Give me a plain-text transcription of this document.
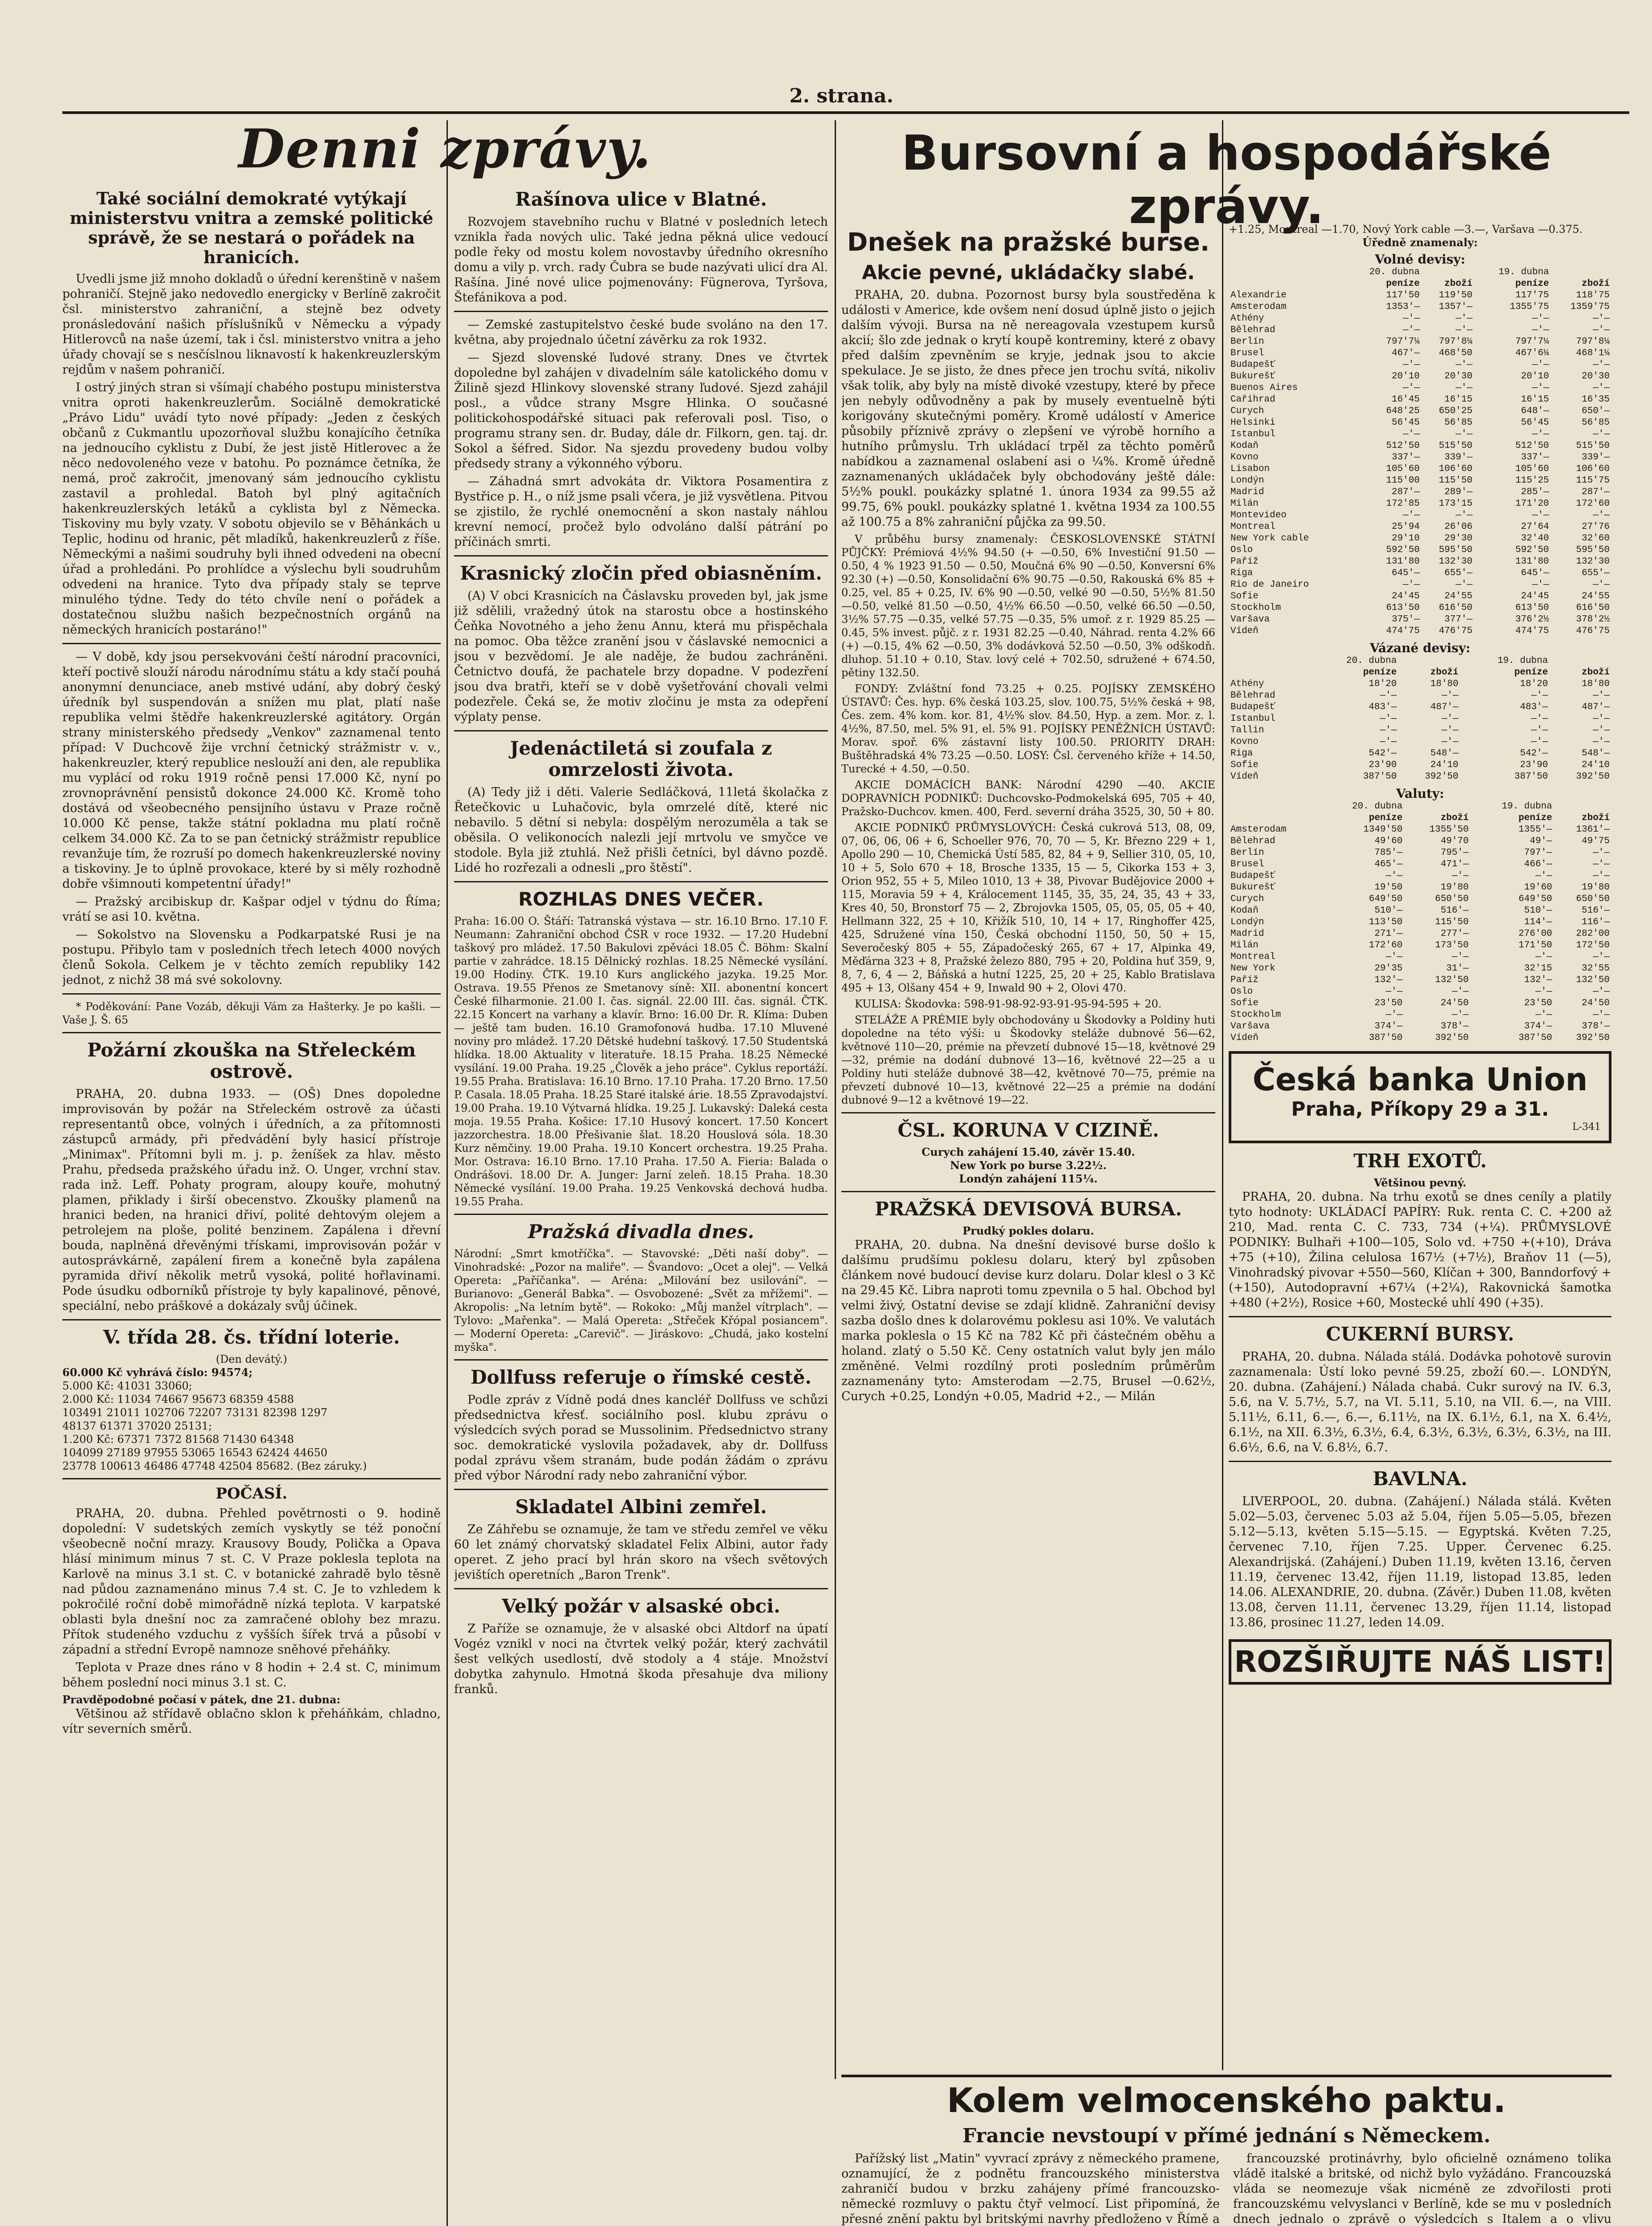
2. strana.
Denni zprávy.	Bursovní a hospodářské zprávy.
Také sociální demokraté vytýkají ministerstvu vnitra a zemské politické správě, že se nestará o pořádek na hranicích.

Uvedli jsme již mnoho dokladů o úřední kerenštině v našem pohraničí. Stejně jako nedovedlo energicky v Berlíně zakročit čsl. ministerstvo zahraniční, a stejně bez odvety pronásledování našich příslušníků v Německu a výpady Hitlerovců na naše území, tak i čsl. ministerstvo vnitra a jeho úřady chovají se s nesčíslnou liknavostí k hakenkreuzlerským rejdům v našem pohraničí.

I ostrý jiných stran si všímají chabého postupu ministerstva vnitra oproti hakenkreuzlerům. Sociálně demokratické „Právo Lidu" uvádí tyto nové případy: „Jeden z českých občanů z Cukmantlu upozorňoval službu konajícího četníka na jednoucího cyklistu z Dubí, že jest jistě Hitlerovec a že něco nedovoleného veze v batohu. Po poznámce četníka, že nemá, proč zakročit, jmenovaný sám jednoucího cyklistu zastavil a prohledal. Batoh byl plný agitačních hakenkreuzlerských letáků a cyklista byl z Německa. Tiskoviny mu byly vzaty. V sobotu objevilo se v Běhánkách u Teplic, hodinu od hranic, pět mladíků, hakenkreuzlerů z říše. Německými a našimi soudruhy byli ihned odvedeni na obecní úřad a prohledáni. Po prohlídce a výslechu byli soudruhům odvedeni na hranice. Tyto dva případy staly se teprve minulého týdne. Tedy do této chvíle není o pořádek a dostatečnou službu našich bezpečnostních orgánů na německých hranicích postaráno!"

— V době, kdy jsou persekvováni čeští národní pracovníci, kteří poctivě slouží národu národnímu státu a kdy stačí pouhá anonymní denunciace, aneb mstivé udání, aby dobrý český úředník byl suspendován a snížen mu plat, platí naše republika velmi štědře hakenkreuzlerské agitátory. Orgán strany ministerského předsedy „Venkov" zaznamenal tento případ: V Duchcově žije vrchní četnický strážmistr v. v., hakenkreuzler, který republice neslouží ani den, ale republika mu vyplácí od roku 1919 ročně pensi 17.000 Kč, nyní po zrovnoprávnění pensistů dokonce 24.000 Kč. Kromě toho dostává od všeobecného pensijního ústavu v Praze ročně 10.000 Kč pense, takže státní pokladna mu platí ročně celkem 34.000 Kč. Za to se pan četnický strážmistr republice revanžuje tím, že rozruší po domech hakenkreuzlerské noviny a tiskoviny. Je to úplně provokace, které by si měly rozhodně dobře všimnouti kompetentní úřady!"

— Pražský arcibiskup dr. Kašpar odjel v týdnu do Říma; vrátí se asi 10. května.

— Sokolstvo na Slovensku a Podkarpatské Rusi je na postupu. Přibylo tam v posledních třech letech 4000 nových členů Sokola. Celkem je v těchto zemích republiky 142 jednot, z nichž 38 má své sokolovny.

* Poděkování: Pane Vozáb, děkuji Vám za Hašterky. Je po kašli. — Vaše J. Š. 65

Požární zkouška na Střeleckém ostrově.

PRAHA, 20. dubna 1933. — (OŠ) Dnes dopoledne improvisován by požár na Střeleckém ostrově za účasti representantů obce, volných i úředních, a za přítomnosti zástupců armády, při předvádění byly hasicí přístroje „Minimax". Přítomni byli m. j. p. ženíšek za hlav. město Prahu, předseda pražského úřadu inž. O. Unger, vrchní stav. rada inž. Leff. Pohaty program, aloupy kouře, mohutný plamen, přiklady i širší obecenstvo. Zkoušky plamenů na hranici beden, na hranici dřiví, polité dehtovým olejem a petrolejem na ploše, polité benzinem. Zapálena i dřevní bouda, naplněná dřevěnými třískami, improvisován požár v autosprávkárně, zapálení firem a konečně byla zapálena pyramida dřiví několik metrů vysoká, polité hořlavinami. Pode úsudku odborníků přístroje ty byly kapalinové, pěnové, speciální, nebo práškové a dokázaly svůj účinek.

V. třída 28. čs. třídní loterie.
(Den devátý.)
60.000 Kč vyhrává číslo: 94574;
5.000 Kč: 41031 33060;
2.000 Kč: 11034 74667 95673 68359 4588
103491 21011 102706 72207 73131 82398 1297
48137 61371 37020 25131;
1.200 Kč: 67371 7372 81568 71430 64348
104099 27189 97955 53065 16543 62424 44650
23778 100613 46486 47748 42504 85682. (Bez záruky.)
POČASÍ.

PRAHA, 20. dubna. Přehled povětrnosti o 9. hodině dopolední: V sudetských zemích vyskytly se též ponoční všeobecně noční mrazy. Krausovy Boudy, Polička a Opava hlásí minimum minus 7 st. C. V Praze poklesla teplota na Karlově na minus 3.1 st. C. v botanické zahradě bylo těsně nad půdou zaznamenáno minus 7.4 st. C. Je to vzhledem k pokročilé roční době mimořádně nízká teplota. V karpatské oblasti byla dnešní noc za zamračené oblohy bez mrazu. Přítok studeného vzduchu z vyšších šířek trvá a působí v západní a střední Evropě namnoze sněhové přeháňky.

Teplota v Praze dnes ráno v 8 hodin + 2.4 st. C, minimum během poslední noci minus 3.1 st. C.

Pravděpodobné počasí v pátek, dne 21. dubna:

Většinou až střídavě oblačno sklon k přeháňkám, chladno, vítr severních směrů.

Rašínova ulice v Blatné.

Rozvojem stavebního ruchu v Blatné v posledních letech vznikla řada nových ulic. Také jedna pěkná ulice vedoucí podle řeky od mostu kolem novostavby úředního okresního domu a vily p. vrch. rady Čubra se bude nazývati ulicí drа Al. Rašína. Jiné nové ulice pojmenovány: Fügnerova, Tyršova, Štefánikova a pod.

— Zemské zastupitelstvo české bude svoláno na den 17. května, aby projednalo účetní závěrku za rok 1932.

— Sjezd slovenské ľudové strany. Dnes ve čtvrtek dopoledne byl zahájen v divadelním sále katolického domu v Žilině sjezd Hlinkovy slovenské strany ľudové. Sjezd zahájil posl., a vůdce strany Msgre Hlinka. O současné politickohospodářské situaci pak referovali posl. Tiso, o programu strany sen. dr. Buday, dále dr. Filkorn, gen. taj. dr. Sokol a šéfred. Sidor. Na sjezdu provedeny budou volby předsedy strany a výkonného výboru.

— Záhadná smrt advokáta dr. Viktora Posamentira z Bystřice p. H., o níž jsme psali včera, je již vysvětlena. Pitvou se zjistilo, že rychlé onemocnění a skon nastaly náhlou krevní nemocí, pročež bylo odvoláno další pátrání po příčinách smrti.

Krasnický zločin před obiasněním.

(A) V obci Krasnicích na Čáslavsku proveden byl, jak jsme již sdělili, vražedný útok na starostu obce a hostinského Čeňka Novotného a jeho ženu Annu, která mu přispěchala na pomoc. Oba těžce zranění jsou v čáslavské nemocnici a jsou v bezvědomí. Je ale naděje, že budou zachráněni. Četnictvo doufá, že pachatele brzy dopadne. V podezření jsou dva bratři, kteří se v době vyšetřování chovali velmi podezřele. Čeká se, že motiv zločinu je msta za odepření výplaty pense.

Jedenáctiletá si zoufala z omrzelosti života.

(A) Tedy již i děti. Valerie Sedláčková, 11letá školačka z Řetečkovic u Luhačovic, byla omrzelé dítě, které nic nebavilo. 5 dětní si nebyla: dospělým nerozuměla a tak se oběsila. O velikonocích nalezli její mrtvolu ve smyčce ve stodole. Byla již ztuhlá. Než přišli četníci, byl dávno pozdě. Lidé ho rozřezali a odnesli „pro štěstí".

ROZHLAS DNES VEČER.

Praha: 16.00 O. Štáří: Tatranská výstava — str. 16.10 Brno. 17.10 F. Neumann: Zahraniční obchod ČSR v roce 1932. — 17.20 Hudební taškový pro mládež. 17.50 Bakulovi zpěváci 18.05 Č. Böhm: Skalní partie v zahrádce. 18.15 Dělnický rozhlas. 18.25 Německé vysílání. 19.00 Hodiny. ČTK. 19.10 Kurs anglického jazyka. 19.25 Mor. Ostrava. 19.55 Přenos ze Smetanovy síně: XII. abonentní koncert České filharmonie. 21.00 I. čas. signál. 22.00 III. čas. signál. ČTK. 22.15 Koncert na varhany a klavír. Brno: 16.00 Dr. R. Klíma: Duben — ještě tam buden. 16.10 Gramofonová hudba. 17.10 Mluvené noviny pro mládež. 17.20 Dětské hudební taškový. 17.50 Studentská hlídka. 18.00 Aktuality v literatuře. 18.15 Praha. 18.25 Německé vysílání. 19.00 Praha. 19.25 „Člověk a jeho práce". Cyklus reportáží. 19.55 Praha. Bratislava: 16.10 Brno. 17.10 Praha. 17.20 Brno. 17.50 P. Casala. 18.05 Praha. 18.25 Staré italské árie. 18.55 Zpravodajství. 19.00 Praha. 19.10 Výtvarná hlídka. 19.25 J. Lukavský: Daleká cesta moja. 19.55 Praha. Košice: 17.10 Husový koncert. 17.50 Koncert jazzorchestra. 18.00 Přešivanie šlat. 18.20 Houslová sóla. 18.30 Kurz němčiny. 19.00 Praha. 19.10 Koncert orchestra. 19.25 Praha. Mor. Ostrava: 16.10 Brno. 17.10 Praha. 17.50 A. Fieria: Balada o Ondrášovi. 18.00 Dr. A. Junger: Jarní zeleň. 18.15 Praha. 18.30 Německé vysílání. 19.00 Praha. 19.25 Venkovská dechová hudba. 19.55 Praha.

Pražská divadla dnes.

Národní: „Smrt kmotříčka". — Stavovské: „Děti naší doby". — Vinohradské: „Pozor na maliře". — Švandovo: „Ocet a olej". — Velká Opereta: „Paříčanka". — Aréna: „Milování bez usilování". — Burianovo: „Generál Babka". — Osvobozené: „Svět za mřížemi". — Akropolis: „Na letním bytě". — Rokoko: „Můj manžel vítrplach". — Tylovo: „Mařenka". — Malá Opereta: „Střeček Křópal posiancem". — Moderní Opereta: „Carevič". — Jiráskovo: „Chudá, jako kostelní myška".

Dollfuss referuje o římské cestě.

Podle zpráv z Vídně podá dnes kancléř Dollfuss ve schůzi předsednictva křesť. sociálního posl. klubu zprávu o výsledcích svých porad se Mussolinim. Předsednictvo strany soc. demokratické vyslovila požadavek, aby dr. Dollfuss podal zprávu všem stranám, bude podán žádám o zprávu před výbor Národní rady nebo zahraniční výbor.

Skladatel Albini zemřel.

Ze Záhřebu se oznamuje, že tam ve středu zemřel ve věku 60 let známý chorvatský skladatel Felix Albini, autor řady operet. Z jeho prací byl hrán skoro na všech světových jevištích operetních „Baron Trenk".

Velký požár v alsaské obci.

Z Paříže se oznamuje, že v alsaské obci Altdorf na úpatí Vogéz vznikl v noci na čtvrtek velký požár, který zachvátil šest velkých usedlostí, dvě stodoly a 4 stáje. Množství dobytka zahynulo. Hmotná škoda přesahuje dva miliony franků.

Dnešek na pražské burse.
Akcie pevné, ukládačky slabé.

PRAHA, 20. dubna. Pozornost bursy byla soustředěna k události v Americe, kde ovšem není dosud úplně jisto o jejich dalším vývoji. Bursa na ně nereagovala vzestupem kursů akcií; šlo zde jednak o krytí koupě kontreminy, které z obavy před dalším zpevněním se kryje, jednak jsou to akcie spekulace. Je se jisto, že dnes přece jen trochu svítá, nikoliv však tolik, aby byly na místě divoké vzestupy, které by přece jen nebyly odůvodněny a pak by musely eventuelně býti korigovány skutečnými poměry. Kromě událostí v Americe působily příznivě zprávy o zlepšení ve výrobě horního a hutního průmyslu. Trh ukládací trpěl za těchto poměrů nabídkou a zaznamenal oslabení asi o ¼%. Kromě úředně zaznamenaných ukládaček byly obchodovány ještě dále: 5½% poukl. poukázky splatné 1. února 1934 za 99.55 až 99.75, 6% poukl. poukázky splatné 1. května 1934 za 100.55 až 100.75 a 8% zahraniční půjčka za 99.50.

V průběhu bursy znamenaly: ČESKOSLOVENSKÉ STÁTNÍ PŮJČKY: Prémiová 4½% 94.50 (+ —0.50, 6% Investiční 91.50 —0.50, 4 % 1923 91.50 — 0.50, Moučná 6% 90 —0.50, Konversní 6% 92.30 (+) —0.50, Konsolidační 6% 90.75 —0.50, Rakouská 6% 85 + 0.25, vel. 85 + 0.25, IV. 6% 90 —0.50, velké 90 —0.50, 5½% 81.50 —0.50, velké 81.50 —0.50, 4½% 66.50 —0.50, velké 66.50 —0.50, 3½% 57.75 —0.35, velké 57.75 —0.35, 5% umoř. z r. 1929 85.25 —0.45, 5% invest. půjč. z r. 1931 82.25 —0.40, Náhrad. renta 4.2% 66 (+) —0.15, 4% 62 —0.50, 3% dodávková 52.50 —0.50, 3% odškodň. dluhop. 51.10 + 0.10, Stav. lový celé + 702.50, sdružené + 674.50, pětiny 132.50.

FONDY: Zvláštní fond 73.25 + 0.25. POJÍSKY ZEMSKÉHO ÚSTAVŮ: Čes. hyp. 6% česká 103.25, slov. 100.75, 5½% česká + 98, Čes. zem. 4% kom. kor. 81, 4½% slov. 84.50, Hyp. a zem. Mor. z. l. 4½%, 87.50, mel. 5% 91, el. 5% 91. POJÍSKY PENĚŽNÍCH ÚSTAVŮ: Morav. spoř. 6% zástavní listy 100.50. PRIORITY DRAH: Buštěhradská 4% 73.25 —0.50. LOSY: Čsl. červeného kříže + 14.50, Turecké + 4.50, —0.50.

AKCIE DOMÁCÍCH BANK: Národní 4290 —40. AKCIE DOPRAVNÍCH PODNIKŮ: Duchcovsko-Podmokelská 695, 705 + 40, Pražsko-Duchcov. kmen. 400, Ferd. severní dráha 3525, 30, 50 + 80.

AKCIE PODNIKŮ PRŮMYSLOVÝCH: Česká cukrová 513, 08, 09, 07, 06, 06, 06 + 6, Schoeller 976, 70, 70 — 5, Kr. Březno 229 + 1, Apollo 290 — 10, Chemická Ústí 585, 82, 84 + 9, Sellier 310, 05, 10, 10 + 5, Solo 670 + 18, Brosche 1335, 15 — 5, Cikorka 153 + 3, Orion 952, 55 + 5, Mileo 1010, 13 + 38, Pivovar Budějovice 2000 + 115, Moravia 59 + 4, Králocement 1145, 35, 35, 24, 35, 43 + 33, Kres 40, 50, Bronstorf 75 — 2, Zbrojovka 1505, 05, 05, 05, 05 + 40, Hellmann 322, 25 + 10, Křižík 510, 10, 14 + 17, Ringhoffer 425, 425, Sdružené vína 150, Česká obchodní 1150, 50, 50 + 15, Severočeský 805 + 55, Západočeský 265, 67 + 17, Alpinka 49, Měďárna 323 + 8, Pražské železo 880, 795 + 20, Poldina huť 359, 9, 8, 7, 6, 4 — 2, Báňská a hutní 1225, 25, 20 + 25, Kablo Bratislava 495 + 13, Olšany 454 + 9, Inwald 90 + 2, Olovi 470.

KULISA: Škodovka: 598-91-98-92-93-91-95-94-595 + 20.

STELÁŽE A PRÉMIE byly obchodovány u Škodovky a Poldiny huti dopoledne na této výši: u Škodovky steláže dubnové 56—62, květnové 110—20, prémie na převzetí dubnové 15—18, květnové 29—32, prémie na dodání dubnové 13—16, květnové 22—25 a u Poldiny huti steláže dubnové 38—42, květnové 70—75, prémie na převzetí dubnové 10—13, květnové 22—25 a prémie na dodání dubnové 9—12 a květnové 19—22.

ČSL. KORUNA V CIZINĚ.
Curych zahájení 15.40, závěr 15.40.
New York po burse 3.22½.
Londýn zahájení 115¼.
PRAŽSKÁ DEVISOVÁ BURSA.
Prudký pokles dolaru.

PRAHA, 20. dubna. Na dnešní devisové burse došlo k dalšímu prudšímu poklesu dolaru, který byl způsoben článkem nové budoucí devise kurz dolaru. Dolar klesl o 3 Kč na 29.45 Kč. Libra naproti tomu zpevnila o 5 hal. Obchod byl velmi živý, Ostatní devise se zdají klidně. Zahraniční devisy sazba došlo dnes k dolarovému poklesu asi 10%. Ve valutách marka poklesla o 15 Kč na 782 Kč při částečném oběhu a holand. zlatý o 5.50 Kč. Ceny ostatních valut byly jen málo změněné. Velmi rozdílný proti posledním průměrům zaznamenány tyto: Amsterodam —2.75, Brusel —0.62½, Curych +0.25, Londýn +0.05, Madrid +2., — Milán

+1.25, Montreal —1.70, Nový York cable —3.—, Varšava —0.375.
Úředně znamenaly:
Volné devisy:
	20. dubna		19. dubna	
	peníze	zboží	peníze	zboží
Alexandrie	117'50	119'50	117'75	118'75
Amsterodam	1353'—	1357'—	1355'75	1359'75
Athény	—'—	—'—	—'—	—'—
Bělehrad	—'—	—'—	—'—	—'—
Berlín	797'7¼	797'8¼	797'7¼	797'8¼
Brusel	467'—	468'50	467'6¼	468'1¼
Budapešť	—'—	—'—	—'—	—'—
Bukurešť	20'10	20'30	20'10	20'30
Buenos Aires	—'—	—'—	—'—	—'—
Cařihrad	16'45	16'15	16'15	16'35
Curych	648'25	650'25	648'—	650'—
Helsinki	56'45	56'85	56'45	56'85
Istanbul	—'—	—'—	—'—	—'—
Kodaň	512'50	515'50	512'50	515'50
Kovno	337'—	339'—	337'—	339'—
Lisabon	105'60	106'60	105'60	106'60
Londýn	115'00	115'50	115'25	115'75
Madrid	287'—	289'—	285'—	287'—
Milán	172'85	173'15	171'20	172'60
Montevideo	—'—	—'—	—'—	—'—
Montreal	25'94	26'06	27'64	27'76
New York cable	29'10	29'30	32'40	32'60
Oslo	592'50	595'50	592'50	595'50
Paříž	131'80	132'30	131'80	132'30
Riga	645'—	655'—	645'—	655'—
Rio de Janeiro	—'—	—'—	—'—	—'—
Sofie	24'45	24'55	24'45	24'55
Stockholm	613'50	616'50	613'50	616'50
Varšava	375'—	377'—	376'2½	378'2½
Vídeň	474'75	476'75	474'75	476'75
Vázané devisy:
	20. dubna		19. dubna	
	peníze	zboží	peníze	zboží
Athény	18'20	18'80	18'20	18'80
Bělehrad	—'—	—'—	—'—	—'—
Budapešť	483'—	487'—	483'—	487'—
Istanbul	—'—	—'—	—'—	—'—
Tallin	—'—	—'—	—'—	—'—
Kovno	—'—	—'—	—'—	—'—
Riga	542'—	548'—	542'—	548'—
Sofie	23'90	24'10	23'90	24'10
Vídeň	387'50	392'50	387'50	392'50
Valuty:
	20. dubna		19. dubna	
	peníze	zboží	peníze	zboží
Amsterodam	1349'50	1355'50	1355'—	1361'—
Bělehrad	49'60	49'70	49'—	49'75
Berlín	785'—	795'—	797'—	—'—
Brusel	465'—	471'—	466'—	—'—
Budapešť	—'—	—'—	—'—	—'—
Bukurešť	19'50	19'80	19'60	19'80
Curych	649'50	650'50	649'50	650'50
Kodaň	510'—	516'—	510'—	516'—
Londýn	113'50	115'50	114'—	116'—
Madrid	271'—	277'—	276'00	282'00
Milán	172'60	173'50	171'50	172'50
Montreal	—'—	—'—	—'—	—'—
New York	29'35	31'—	32'15	32'55
Paříž	132'—	132'50	132'—	132'50
Oslo	—'—	—'—	—'—	—'—
Sofie	23'50	24'50	23'50	24'50
Stockholm	—'—	—'—	—'—	—'—
Varšava	374'—	378'—	374'—	378'—
Vídeň	387'50	392'50	387'50	392'50
Česká banka Union
Praha, Příkopy 29 a 31.
L-341
TRH EXOTŮ.
Většinou pevný.

PRAHA, 20. dubna. Na trhu exotů se dnes ceníly a platily tyto hodnoty: UKLÁDACÍ PAPÍRY: Ruk. renta C. C. +200 až 210, Mad. renta C. C. 733, 734 (+¼). PRŮMYSLOVÉ PODNIKY: Bulhaři +100—105, Solo vd. +750 +(+10), Dráva +75 (+10), Žilina celulosa 167½ (+7½), Braňov 11 (—5), Vinohradský pivovar +550—560, Klíčan + 300, Banndorfový + (+150), Autodopravní +67¼ (+2¼), Rakovnická šamotka +480 (+2½), Rosice +60, Mostecké uhlí 490 (+35).

CUKERNÍ BURSY.

PRAHA, 20. dubna. Nálada stálá. Dodávka pohotově surovin zaznamenala: Ústí loko pevné 59.25, zboží 60.—. LONDÝN, 20. dubna. (Zahájení.) Nálada chabá. Cukr surový na IV. 6.3, 5.6, na V. 5.7½, 5.7, na VI. 5.11, 5.10, na VII. 6.—, na VIII. 5.11½, 6.11, 6.—, 6.—, 6.11½, na IX. 6.1½, 6.1, na X. 6.4½, 6.1½, na XII. 6.3½, 6.3½, 6.4, 6.3½, 6.3½, 6.3½, 6.3½, na III. 6.6½, 6.6, na V. 6.8½, 6.7.

BAVLNA.

LIVERPOOL, 20. dubna. (Zahájení.) Nálada stálá. Květen 5.02—5.03, červenec 5.03 až 5.04, říjen 5.05—5.05, březen 5.12—5.13, květen 5.15—5.15. — Egyptská. Květen 7.25, červenec 7.10, říjen 7.25. Upper. Červenec 6.25. Alexandrijská. (Zahájení.) Duben 11.19, květen 13.16, červen 11.19, červenec 13.42, říjen 11.19, listopad 13.85, leden 14.06. ALEXANDRIE, 20. dubna. (Závěr.) Duben 11.08, květen 13.08, červen 11.11, červenec 13.29, říjen 11.14, listopad 13.86, prosinec 11.27, leden 14.09.

ROZŠIŘUJTE NÁŠ LIST!
Kolem velmocenského paktu.
Francie nevstoupí v přímé jednání s Německem.

Pařížský list „Matin" vyvrací zprávy z německého pramene, oznamující, že z podnětu francouzského ministerstva zahraničí budou v brzku zahájeny přímé francouzsko-německé rozmluvy o paktu čtyř velmocí. List připomíná, že přesné znění paktu byl britskými navrhy předloženo v Římě a

francouzské protinávrhy, bylo oficielně oznámeno tolika vládě italské a britské, od nichž bylo vyžádáno. Francouzská vláda se neomezuje však nicméně ze zdvořilosti proti francouzskému velvyslanci v Berlíně, kde se mu v posledních dnech jednalo o zprávě o výsledcích s Italem a o vlivu
